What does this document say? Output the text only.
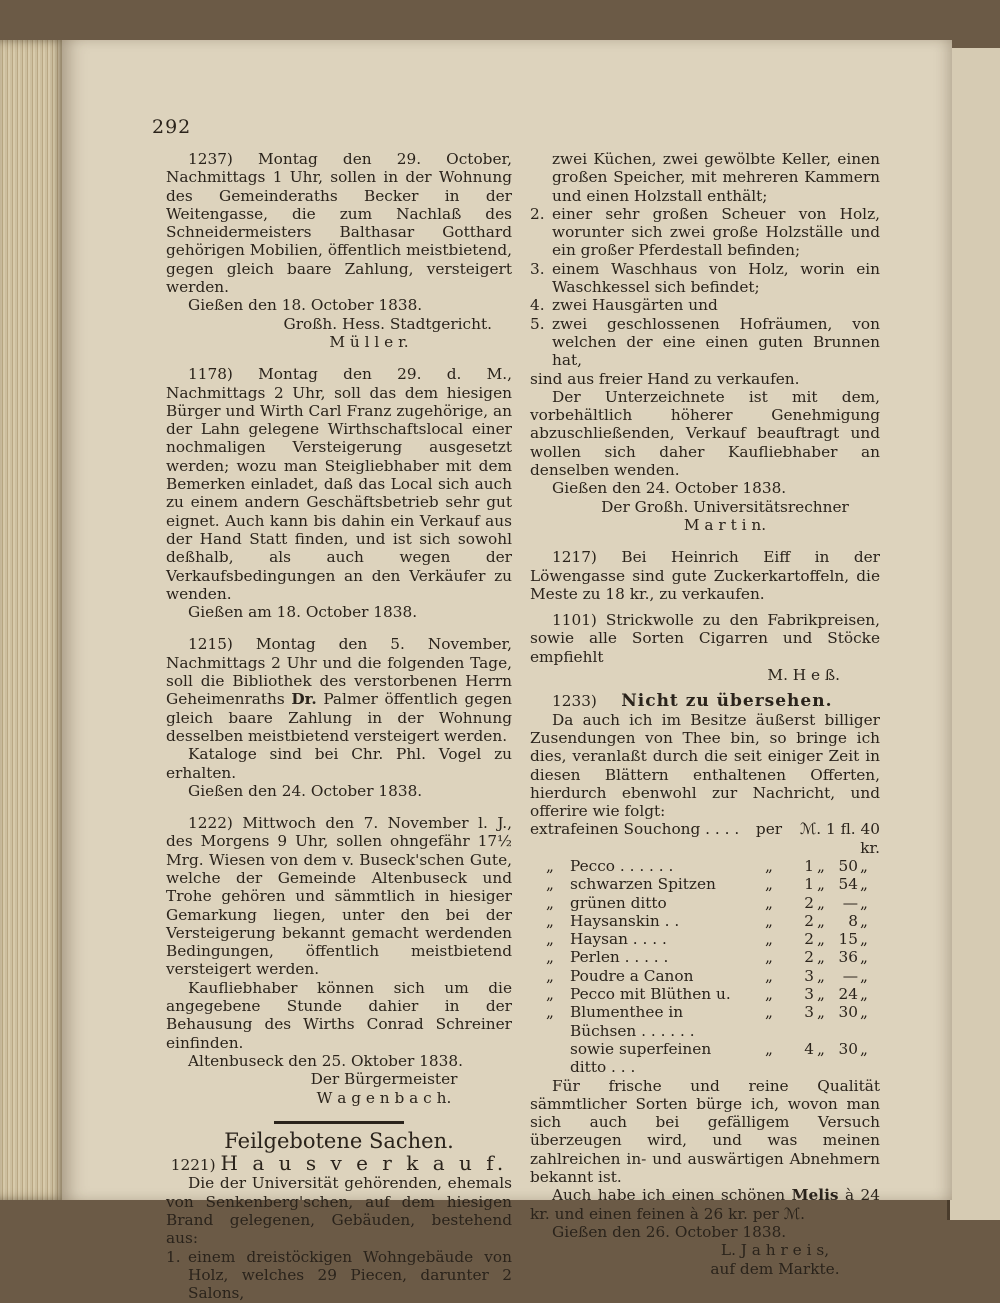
292

1237) Montag den 29. October, Nachmittags 1 Uhr, sollen in der Wohnung des Gemeinderaths Becker in der Weitengasse, die zum Nachlaß des Schneidermeisters Balthasar Gotthard gehörigen Mobilien, öffentlich meistbietend, gegen gleich baare Zahlung, versteigert werden.

Gießen den 18. October 1838.

Großh. Hess. Stadtgericht.

M ü l l e r.

1178) Montag den 29. d. M., Nachmittags 2 Uhr, soll das dem hiesigen Bürger und Wirth Carl Franz zugehörige, an der Lahn gelegene Wirthschaftslocal einer nochmaligen Versteigerung ausgesetzt werden; wozu man Steigliebhaber mit dem Bemerken einladet, daß das Local sich auch zu einem andern Geschäftsbetrieb sehr gut eignet. Auch kann bis dahin ein Verkauf aus der Hand Statt finden, und ist sich sowohl deßhalb, als auch wegen der Verkaufsbedingungen an den Verkäufer zu wenden.

Gießen am 18. October 1838.

1215) Montag den 5. November, Nachmittags 2 Uhr und die folgenden Tage, soll die Bibliothek des verstorbenen Herrn Geheimenraths Dr. Palmer öffentlich gegen gleich baare Zahlung in der Wohnung desselben meistbietend versteigert werden.

Kataloge sind bei Chr. Phl. Vogel zu erhalten.

Gießen den 24. October 1838.

1222) Mittwoch den 7. November l. J., des Morgens 9 Uhr, sollen ohngefähr 17½ Mrg. Wiesen von dem v. Buseck'schen Gute, welche der Gemeinde Altenbuseck und Trohe gehören und sämmtlich in hiesiger Gemarkung liegen, unter den bei der Versteigerung bekannt gemacht werdenden Bedingungen, öffentlich meistbietend versteigert werden.

Kaufliebhaber können sich um die angegebene Stunde dahier in der Behausung des Wirths Conrad Schreiner einfinden.

Altenbuseck den 25. Oktober 1838.

Der Bürgermeister

W a g e n b a c h.

Feilgebotene Sachen.

1221) H a u s v e r k a u f.

Die der Universität gehörenden, ehemals von Senkenberg'schen, auf dem hiesigen Brand gelegenen, Gebäuden, bestehend aus:

1. einem dreistöckigen Wohngebäude von Holz, welches 29 Piecen, darunter 2 Salons,

zwei Küchen, zwei gewölbte Keller, einen großen Speicher, mit mehreren Kammern und einen Holzstall enthält;

2. einer sehr großen Scheuer von Holz, worunter sich zwei große Holzställe und ein großer Pferdestall befinden;
3. einem Waschhaus von Holz, worin ein Waschkessel sich befindet;
4. zwei Hausgärten und
5. zwei geschlossenen Hofräumen, von welchen der eine einen guten Brunnen hat,

sind aus freier Hand zu verkaufen.

Der Unterzeichnete ist mit dem, vorbehältlich höherer Genehmigung abzuschließenden, Verkauf beauftragt und wollen sich daher Kaufliebhaber an denselben wenden.

Gießen den 24. October 1838.

Der Großh. Universitätsrechner

M a r t i n.

1217) Bei Heinrich Eiff in der Löwengasse sind gute Zuckerkartoffeln, die Meste zu 18 kr., zu verkaufen.

1101) Strickwolle zu den Fabrikpreisen, sowie alle Sorten Cigarren und Stöcke empfiehlt

M. H e ß.

1233) Nicht zu übersehen.

Da auch ich im Besitze äußerst billiger Zusendungen von Thee bin, so bringe ich dies, veranlaßt durch die seit einiger Zeit in diesen Blättern enthaltenen Offerten, hierdurch ebenwohl zur Nachricht, und offerire wie folgt:

extrafeinen Souchong . . . .		per	ℳ. 1 fl. 40 kr.			
„	Pecco . . . . . .	„	1	„	50	„
„	schwarzen Spitzen	„	1	„	54	„
„	grünen ditto	„	2	„	—	„
„	Haysanskin . .	„	2	„	8	„
„	Haysan . . . .	„	2	„	15	„
„	Perlen . . . . .	„	2	„	36	„
„	Poudre a Canon	„	3	„	—	„
„	Pecco mit Blüthen u.	„	3	„	24	„
„	Blumenthee in Büchsen . . . . . .	„	3	„	30	„
	sowie superfeinen ditto . . .	„	4	„	30	„

Für frische und reine Qualität sämmtlicher Sorten bürge ich, wovon man sich auch bei gefälligem Versuch überzeugen wird, und was meinen zahlreichen in- und auswärtigen Abnehmern bekannt ist.

Auch habe ich einen schönen Melis à 24 kr. und einen feinen à 26 kr. per ℳ.

Gießen den 26. October 1838.

L. J a h r e i s,

auf dem Markte.
